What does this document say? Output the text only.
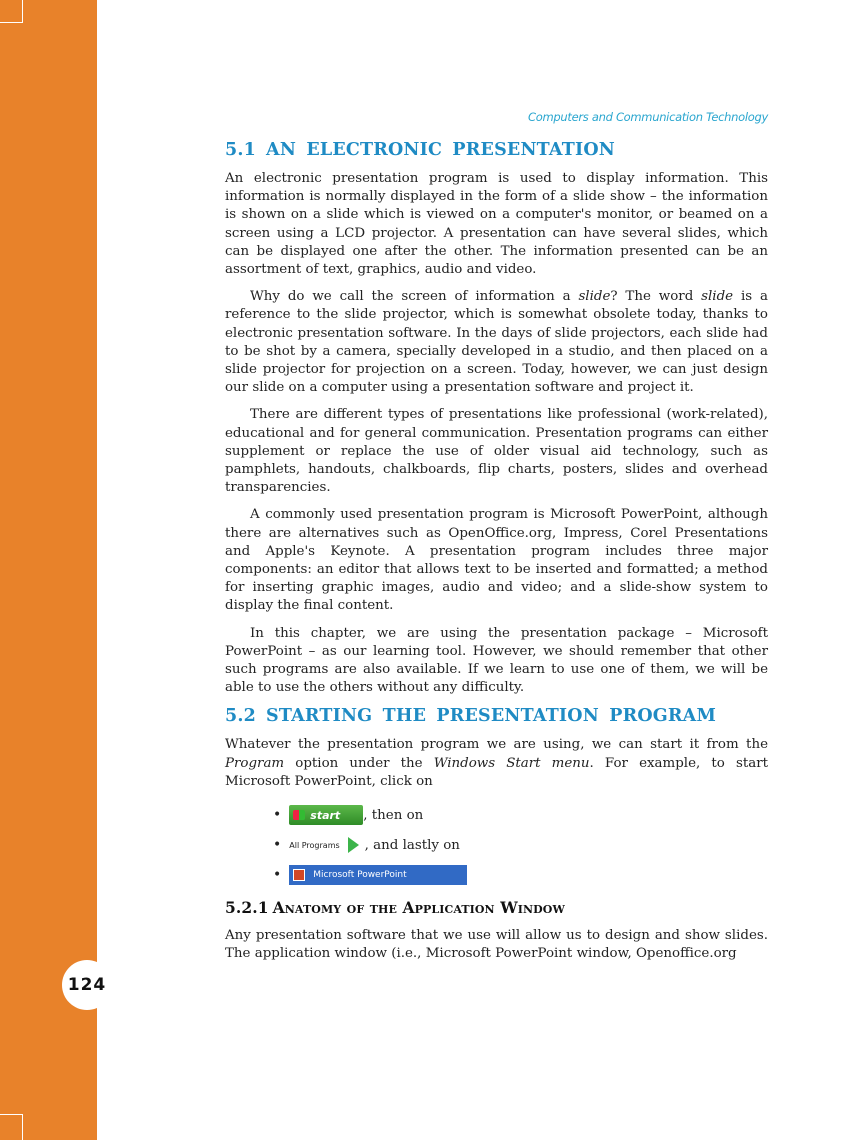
124
Computers and Communication Technology
5.1 AN ELECTRONIC PRESENTATION

An electronic presentation program is used to display information. This information is normally displayed in the form of a slide show – the information is shown on a slide which is viewed on a computer's monitor, or beamed on a screen using a LCD projector. A presentation can have several slides, which can be displayed one after the other. The information presented can be an assortment of text, graphics, audio and video.

Why do we call the screen of information a slide? The word slide is a reference to the slide projector, which is somewhat obsolete today, thanks to electronic presentation software. In the days of slide projectors, each slide had to be shot by a camera, specially developed in a studio, and then placed on a slide projector for projection on a screen. Today, however, we can just design our slide on a computer using a presentation software and project it.

There are different types of presentations like professional (work-related), educational and for general communication. Presentation programs can either supplement or replace the use of older visual aid technology, such as pamphlets, handouts, chalkboards, flip charts, posters, slides and overhead transparencies.

A commonly used presentation program is Microsoft PowerPoint, although there are alternatives such as OpenOffice.org, Impress, Corel Presentations and Apple's Keynote. A presentation program includes three major components: an editor that allows text to be inserted and formatted; a method for inserting graphic images, audio and video; and a slide-show system to display the final content.

In this chapter, we are using the presentation package – Microsoft PowerPoint – as our learning tool. However, we should remember that other such programs are also available. If we learn to use one of them, we will be able to use the others without any difficulty.

5.2 STARTING THE PRESENTATION PROGRAM

Whatever the presentation program we are using, we can start it from the Program option under the Windows Start menu. For example, to start Microsoft PowerPoint, click on

•	start , then on
• All Programs , and lastly on
•	Microsoft PowerPoint
5.2.1 Anatomy of the Application Window

Any presentation software that we use will allow us to design and show slides. The application window (i.e., Microsoft PowerPoint window, Openoffice.org
